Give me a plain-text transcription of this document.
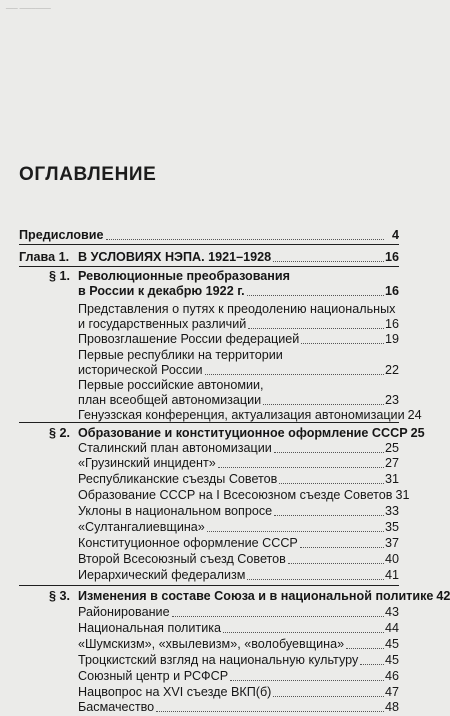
___ ________
ОГЛАВЛЕНИЕ
Предисловие	4
Глава 1. В УСЛОВИЯХ НЭПА. 1921–1928	16
§ 1. Революционные преобразования
в России к декабрю 1922 г.	16
Представления о путях к преодолению национальных
и государственных различий	16
Провозглашение России федерацией	19
Первые республики на территории
исторической России	22
Первые российские автономии,
план всеобщей автономизации	23
Генуэзская конференция, актуализация автономизации 24
§ 2. Образование и конституционное оформление СССР 25
Сталинский план автономизации	25
«Грузинский инцидент»	27
Республиканские съезды Советов	31
Образование СССР на I Всесоюзном съезде Советов 31
Уклоны в национальном вопросе	33
«Султангалиевщина»	35
Конституционное оформление СССР	37
Второй Всесоюзный съезд Советов	40
Иерархический федерализм	41
§ 3. Изменения в составе Союза и в национальной политике 42
Районирование	43
Национальная политика	44
«Шумскизм», «хвылевизм», «волобуевщина»	45
Троцкистский взгляд на национальную культуру 45
Союзный центр и РСФСР	46
Нацвопрос на XVI съезде ВКП(б)	47
Басмачество	48
